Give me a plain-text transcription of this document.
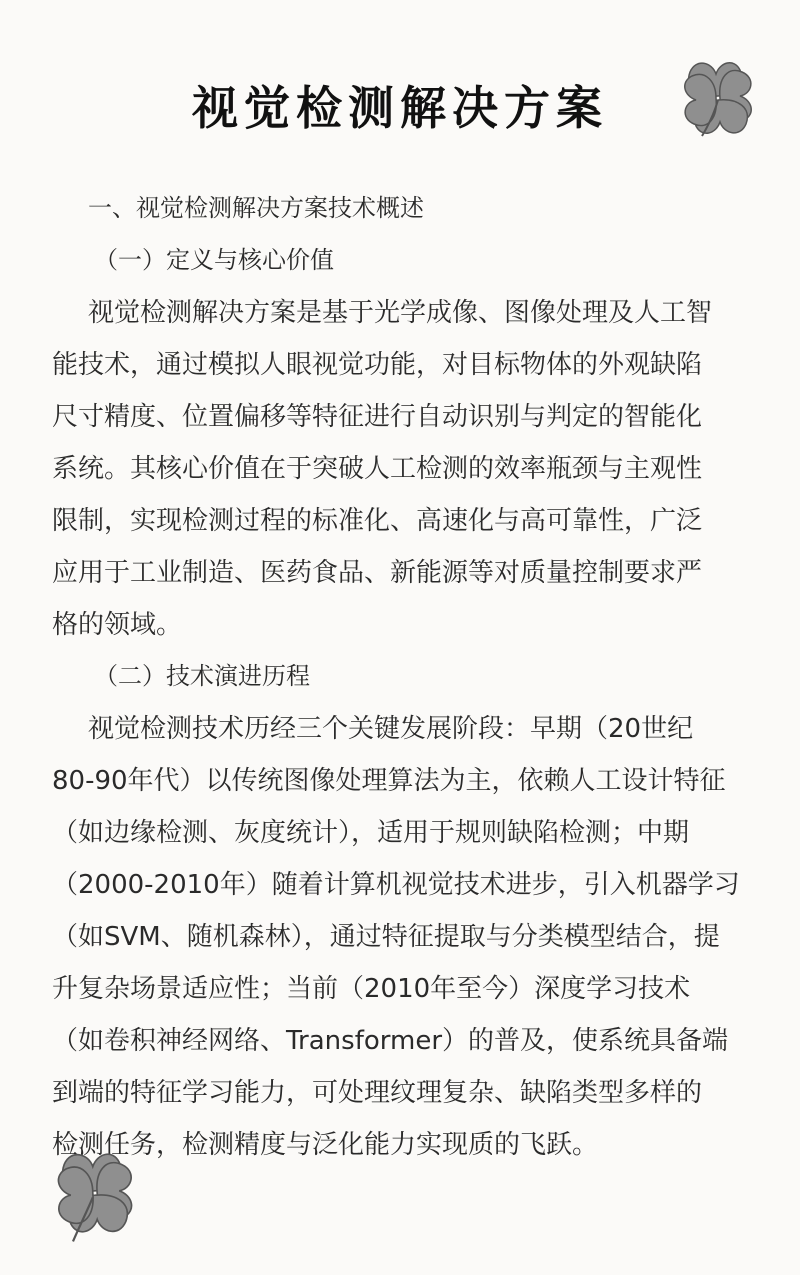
视觉检测解决方案
一、视觉检测解决方案技术概述
（一）定义与核心价值
视觉检测解决方案是基于光学成像、图像处理及人工智
能技术，通过模拟人眼视觉功能，对目标物体的外观缺陷
尺寸精度、位置偏移等特征进行自动识别与判定的智能化
系统。其核心价值在于突破人工检测的效率瓶颈与主观性
限制，实现检测过程的标准化、高速化与高可靠性，广泛
应用于工业制造、医药食品、新能源等对质量控制要求严
格的领域。
（二）技术演进历程
视觉检测技术历经三个关键发展阶段：早期（20世纪
80-90年代）以传统图像处理算法为主，依赖人工设计特征
（如边缘检测、灰度统计），适用于规则缺陷检测；中期
（2000-2010年）随着计算机视觉技术进步，引入机器学习
（如SVM、随机森林），通过特征提取与分类模型结合，提
升复杂场景适应性；当前（2010年至今）深度学习技术
（如卷积神经网络、Transformer）的普及，使系统具备端
到端的特征学习能力，可处理纹理复杂、缺陷类型多样的
检测任务，检测精度与泛化能力实现质的飞跃。
